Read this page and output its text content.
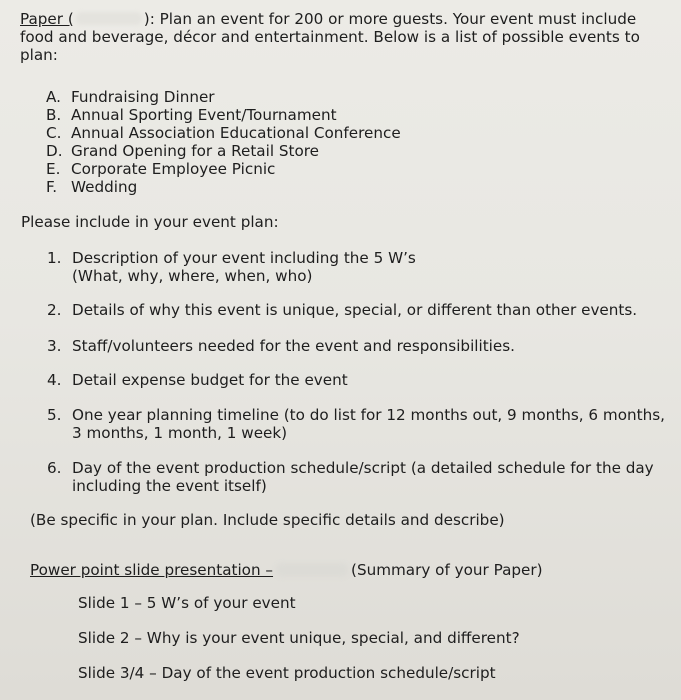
Paper (	): Plan an event for 200 or more guests. Your event must include
food and beverage, décor and entertainment. Below is a list of possible events to
plan:
A. Fundraising Dinner
B. Annual Sporting Event/Tournament
C. Annual Association Educational Conference
D. Grand Opening for a Retail Store
E. Corporate Employee Picnic
F. Wedding
Please include in your event plan:
1. Description of your event including the 5 W’s
(What, why, where, when, who)
2. Details of why this event is unique, special, or different than other events.
3. Staff/volunteers needed for the event and responsibilities.
4. Detail expense budget for the event
5. One year planning timeline (to do list for 12 months out, 9 months, 6 months,
3 months, 1 month, 1 week)
6. Day of the event production schedule/script (a detailed schedule for the day
including the event itself)
(Be specific in your plan. Include specific details and describe)
Power point slide presentation –	(Summary of your Paper)
Slide 1 – 5 W’s of your event
Slide 2 – Why is your event unique, special, and different?
Slide 3/4 – Day of the event production schedule/script
